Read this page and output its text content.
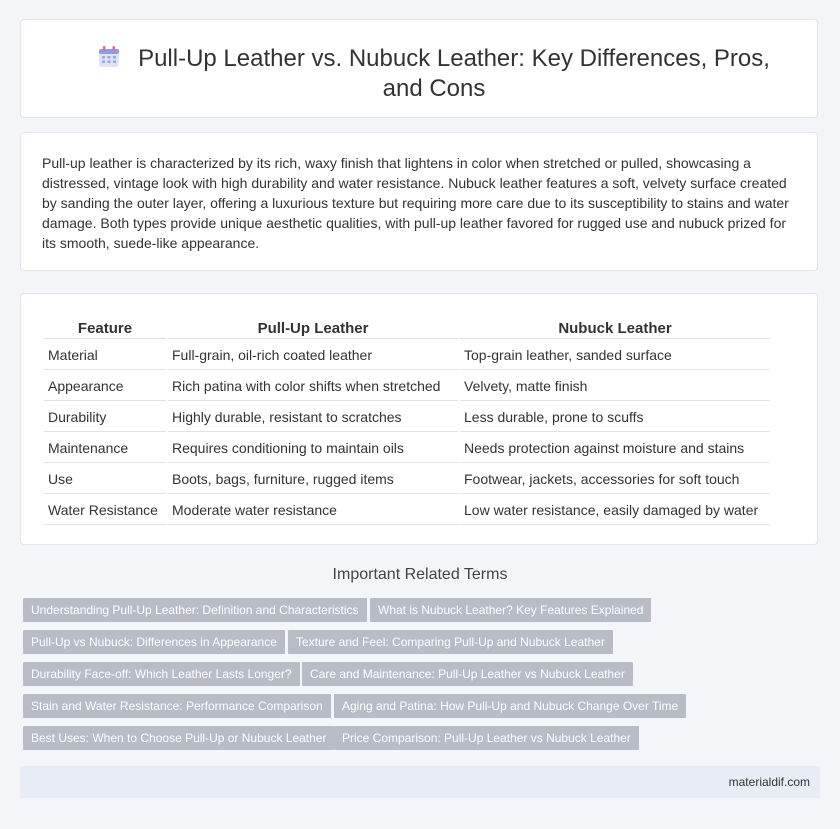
Pull-Up Leather vs. Nubuck Leather: Key Differences, Pros, and Cons
Pull-up leather is characterized by its rich, waxy finish that lightens in color when stretched or pulled, showcasing a distressed, vintage look with high durability and water resistance. Nubuck leather features a soft, velvety surface created by sanding the outer layer, offering a luxurious texture but requiring more care due to its susceptibility to stains and water damage. Both types provide unique aesthetic qualities, with pull-up leather favored for rugged use and nubuck prized for its smooth, suede-like appearance.
Feature	Pull-Up Leather	Nubuck Leather
Material	Full-grain, oil-rich coated leather	Top-grain leather, sanded surface
Appearance	Rich patina with color shifts when stretched	Velvety, matte finish
Durability	Highly durable, resistant to scratches	Less durable, prone to scuffs
Maintenance	Requires conditioning to maintain oils	Needs protection against moisture and stains
Use	Boots, bags, furniture, rugged items	Footwear, jackets, accessories for soft touch
Water Resistance	Moderate water resistance	Low water resistance, easily damaged by water
Important Related Terms
Understanding Pull-Up Leather: Definition and Characteristics	What is Nubuck Leather? Key Features Explained
Pull-Up vs Nubuck: Differences in Appearance	Texture and Feel: Comparing Pull-Up and Nubuck Leather
Durability Face-off: Which Leather Lasts Longer?	Care and Maintenance: Pull-Up Leather vs Nubuck Leather
Stain and Water Resistance: Performance Comparison	Aging and Patina: How Pull-Up and Nubuck Change Over Time
Best Uses: When to Choose Pull-Up or Nubuck Leather	Price Comparison: Pull-Up Leather vs Nubuck Leather
materialdif.com
